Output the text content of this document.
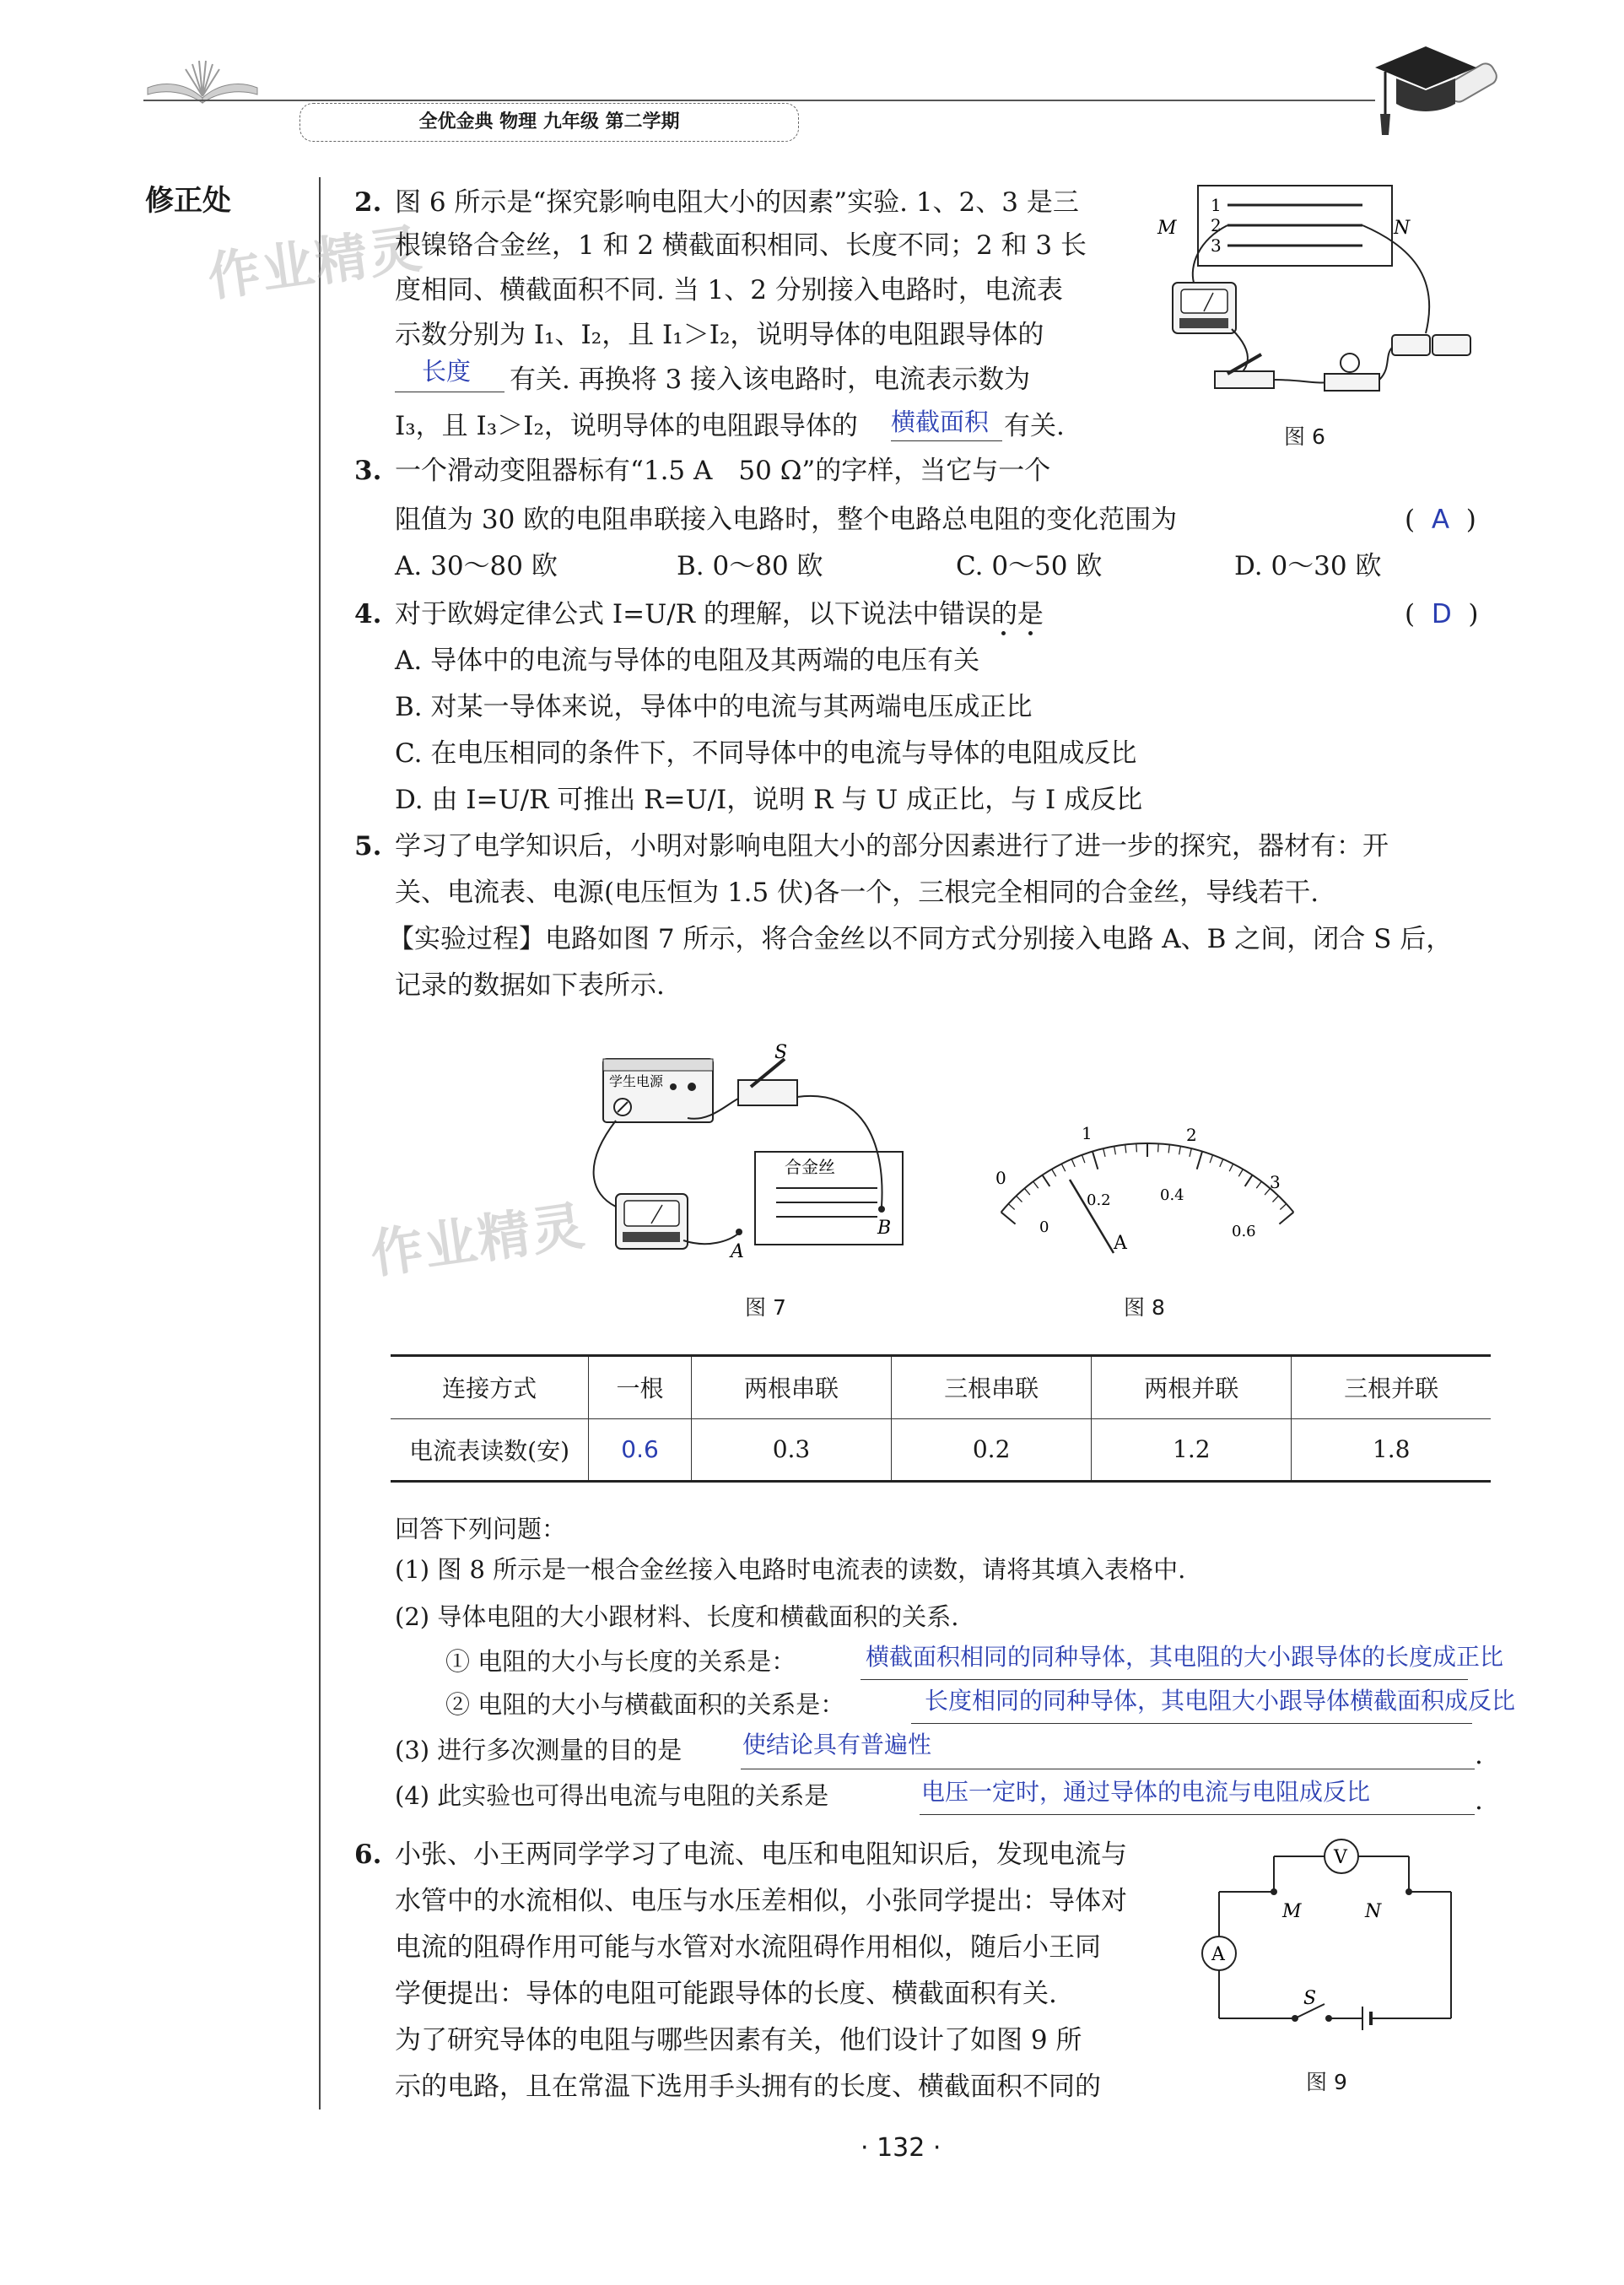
全优金典 物理 九年级 第二学期
修正处
作业精灵
作业精灵
2. 图 6 所示是“探究影响电阻大小的因素”实验. 1、2、3 是三
根镍铬合金丝，1 和 2 横截面积相同、长度不同；2 和 3 长
度相同、横截面积不同. 当 1、2 分别接入电路时，电流表
示数分别为 I₁、I₂，且 I₁＞I₂，说明导体的电阻跟导体的
长度 有关. 再换将 3 接入该电路时，电流表示数为
I₃，且 I₃＞I₂，说明导体的电阻跟导体的 横截面积 有关.
1
2
3
M	N
图 6
3. 一个滑动变阻器标有“1.5 A　50 Ω”的字样，当它与一个
阻值为 30 欧的电阻串联接入电路时，整个电路总电阻的变化范围为	(  A  )
A. 30～80 欧	B. 0～80 欧	C. 0～50 欧	D. 0～30 欧
4. 对于欧姆定律公式 I=U/R 的理解，以下说法中错误的是	(  D  )
A. 导体中的电流与导体的电阻及其两端的电压有关
B. 对某一导体来说，导体中的电流与其两端电压成正比
C. 在电压相同的条件下，不同导体中的电流与导体的电阻成反比
D. 由 I=U/R 可推出 R=U/I，说明 R 与 U 成正比，与 I 成反比
5. 学习了电学知识后，小明对影响电阻大小的部分因素进行了进一步的探究，器材有：开
关、电流表、电源(电压恒为 1.5 伏)各一个，三根完全相同的合金丝，导线若干.
【实验过程】电路如图 7 所示，将合金丝以不同方式分别接入电路 A、B 之间，闭合 S 后，
记录的数据如下表所示.
学生电源
S
B
合金丝
A
图 7
0
1	2
3
0
0.2	0.4
0.6
A
图 8
连接方式	一根	两根串联	三根串联	两根并联	三根并联
电流表读数(安)	0.6	0.3	0.2	1.2	1.8
回答下列问题：
(1) 图 8 所示是一根合金丝接入电路时电流表的读数，请将其填入表格中.
(2) 导体电阻的大小跟材料、长度和横截面积的关系.
① 电阻的大小与长度的关系是：	横截面积相同的同种导体，其电阻的大小跟导体的长度成正比
② 电阻的大小与横截面积的关系是：	长度相同的同种导体，其电阻大小跟导体横截面积成反比
(3) 进行多次测量的目的是	使结论具有普遍性	.
(4) 此实验也可得出电流与电阻的关系是	电压一定时，通过导体的电流与电阻成反比	.
6. 小张、小王两同学学习了电流、电压和电阻知识后，发现电流与
水管中的水流相似、电压与水压差相似，小张同学提出：导体对
电流的阻碍作用可能与水管对水流阻碍作用相似，随后小王同
学便提出：导体的电阻可能跟导体的长度、横截面积有关.
为了研究导体的电阻与哪些因素有关，他们设计了如图 9 所
示的电路，且在常温下选用手头拥有的长度、横截面积不同的
V
M	N
A
S
图 9
· 132 ·
